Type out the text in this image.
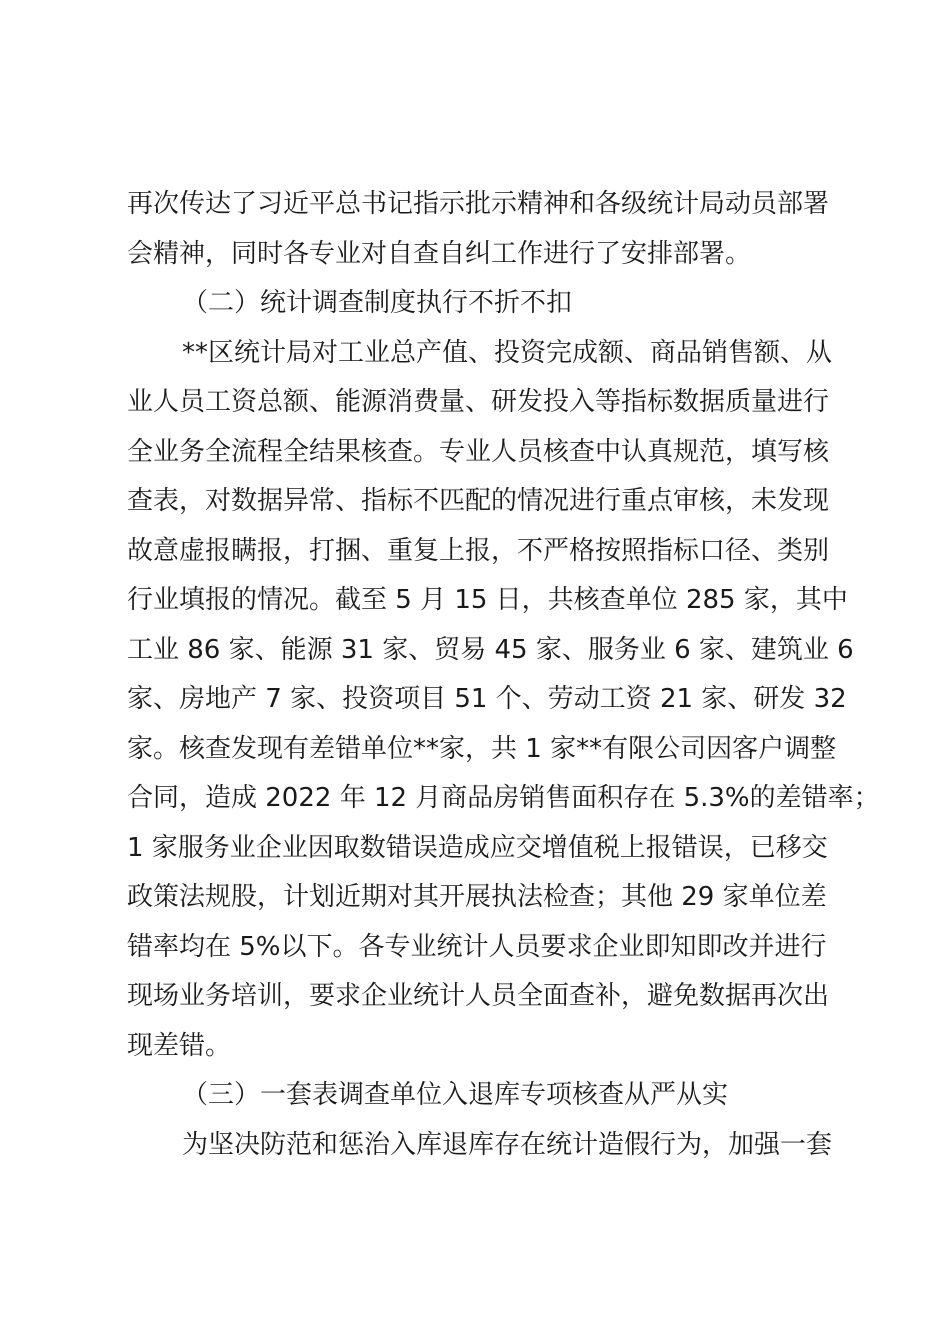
再次传达了习近平总书记指示批示精神和各级统计局动员部署
会精神，同时各专业对自查自纠工作进行了安排部署。

（二）统计调查制度执行不折不扣

**区统计局对工业总产值、投资完成额、商品销售额、从
业人员工资总额、能源消费量、研发投入等指标数据质量进行
全业务全流程全结果核查。专业人员核查中认真规范，填写核
查表，对数据异常、指标不匹配的情况进行重点审核，未发现
故意虚报瞒报，打捆、重复上报，不严格按照指标口径、类别
行业填报的情况。截至 5 月 15 日，共核查单位 285 家，其中
工业 86 家、能源 31 家、贸易 45 家、服务业 6 家、建筑业 6
家、房地产 7 家、投资项目 51 个、劳动工资 21 家、研发 32
家。核查发现有差错单位**家，共 1 家**有限公司因客户调整
合同，造成 2022 年 12 月商品房销售面积存在 5.3%的差错率；
1 家服务业企业因取数错误造成应交增值税上报错误，已移交
政策法规股，计划近期对其开展执法检查；其他 29 家单位差
错率均在 5%以下。各专业统计人员要求企业即知即改并进行
现场业务培训，要求企业统计人员全面查补，避免数据再次出
现差错。

（三）一套表调查单位入退库专项核查从严从实

为坚决防范和惩治入库退库存在统计造假行为，加强一套
